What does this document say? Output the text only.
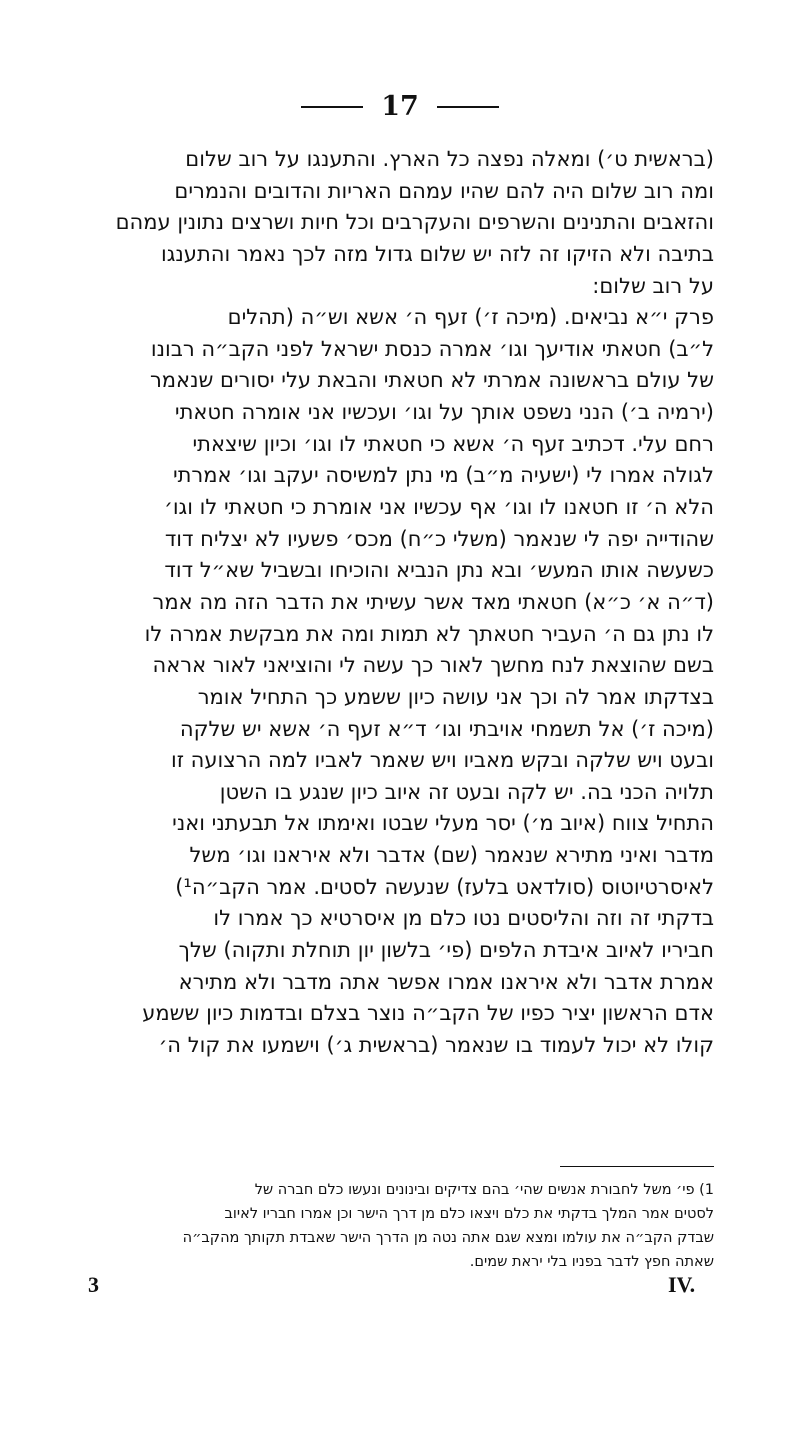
17
(בראשית ט׳) ומאלה נפצה כל הארץ. והתענגו על רוב שלום
ומה רוב שלום היה להם שהיו עמהם האריות והדובים והנמרים
והזאבים והתנינים והשרפים והעקרבים וכל חיות ושרצים נתונין עמהם
בתיבה ולא הזיקו זה לזה יש שלום גדול מזה לכך נאמר והתענגו
על רוב שלום:
פרק י״א נביאים. (מיכה ז׳) זעף ה׳ אשא וש״ה (תהלים
ל״ב) חטאתי אודיעך וגו׳ אמרה כנסת ישראל לפני הקב״ה רבונו
של עולם בראשונה אמרתי לא חטאתי והבאת עלי יסורים שנאמר
(ירמיה ב׳) הנני נשפט אותך על וגו׳ ועכשיו אני אומרה חטאתי
רחם עלי. דכתיב זעף ה׳ אשא כי חטאתי לו וגו׳ וכיון שיצאתי
לגולה אמרו לי (ישעיה מ״ב) מי נתן למשיסה יעקב וגו׳ אמרתי
הלא ה׳ זו חטאנו לו וגו׳ אף עכשיו אני אומרת כי חטאתי לו וגו׳
שהודייה יפה לי שנאמר (משלי כ״ח) מכס׳ פשעיו לא יצליח דוד
כשעשה אותו המעש׳ ובא נתן הנביא והוכיחו ובשביל שא״ל דוד
(ד״ה א׳ כ״א) חטאתי מאד אשר עשיתי את הדבר הזה מה אמר
לו נתן גם ה׳ העביר חטאתך לא תמות ומה את מבקשת אמרה לו
בשם שהוצאת לנח מחשך לאור כך עשה לי והוציאני לאור אראה
בצדקתו אמר לה וכך אני עושה כיון ששמע כך התחיל אומר
(מיכה ז׳) אל תשמחי אויבתי וגו׳ ד״א זעף ה׳ אשא יש שלקה
ובעט ויש שלקה ובקש מאביו ויש שאמר לאביו למה הרצועה זו
תלויה הכני בה. יש לקה ובעט זה איוב כיון שנגע בו השטן
התחיל צווח (איוב מ׳) יסר מעלי שבטו ואימתו אל תבעתני ואני
מדבר ואיני מתירא שנאמר (שם) אדבר ולא איראנו וגו׳ משל
לאיסרטיוטוס (סולדאט בלעז) שנעשה לסטים. אמר הקב״ה¹)
בדקתי זה וזה והליסטים נטו כלם מן איסרטיא כך אמרו לו
חביריו לאיוב איבדת הלפים (פי׳ בלשון יון תוחלת ותקוה) שלך
אמרת אדבר ולא איראנו אמרו אפשר אתה מדבר ולא מתירא
אדם הראשון יציר כפיו של הקב״ה נוצר בצלם ובדמות כיון ששמע
קולו לא יכול לעמוד בו שנאמר (בראשית ג׳) וישמעו את קול ה׳
1) פי׳ משל לחבורת אנשים שהי׳ בהם צדיקים ובינונים ונעשו כלם חברה של
לסטים אמר המלך בדקתי את כלם ויצאו כלם מן דרך הישר וכן אמרו חבריו לאיוב
שבדק הקב״ה את עולמו ומצא שגם אתה נטה מן הדרך הישר שאבדת תקותך מהקב״ה
שאתה חפץ לדבר בפניו בלי יראת שמים.
3	IV.
